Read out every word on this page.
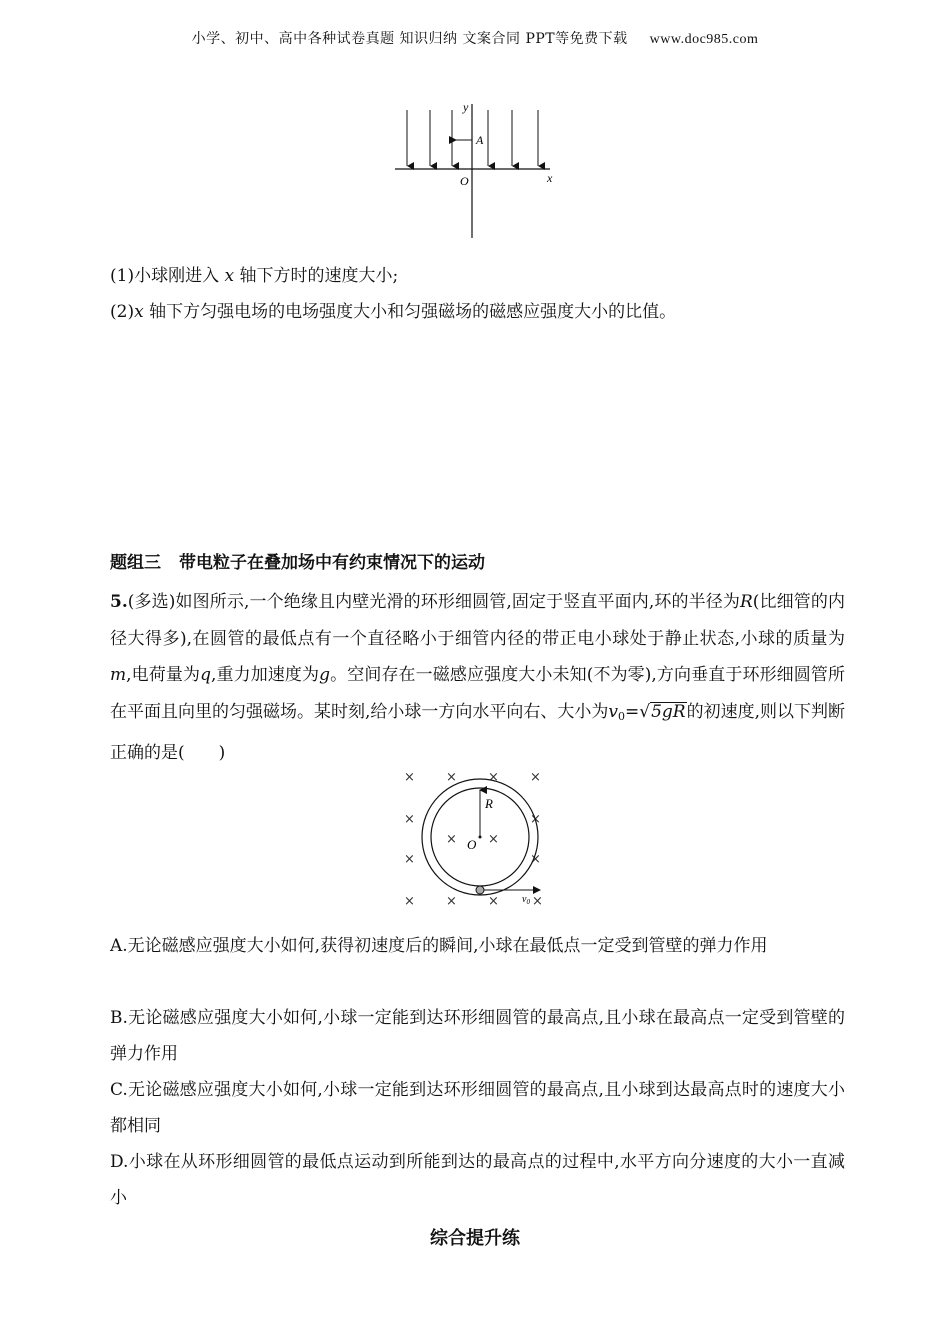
小学、初中、高中各种试卷真题 知识归纳 文案合同 PPT等免费下载 www.doc985.com
y
A
O	x

(1)小球刚进入 x 轴下方时的速度大小;

(2)x 轴下方匀强电场的电场强度大小和匀强磁场的磁感应强度大小的比值。

题组三 带电粒子在叠加场中有约束情况下的运动

5.(多选)如图所示,一个绝缘且内壁光滑的环形细圆管,固定于竖直平面内,环的半径为R(比细管的内径大得多),在圆管的最低点有一个直径略小于细管内径的带正电小球处于静止状态,小球的质量为m,电荷量为q,重力加速度为g。空间存在一磁感应强度大小未知(不为零),方向垂直于环形细圆管所在平面且向里的匀强磁场。某时刻,给小球一方向水平向右、大小为$v_0=√5gR$的初速度,则以下判断正确的是(　　)

× × × ×
×	×
× ×
×	×
× × ×	×
R
O
$v_0$

A.无论磁感应强度大小如何,获得初速度后的瞬间,小球在最低点一定受到管壁的弹力作用

B.无论磁感应强度大小如何,小球一定能到达环形细圆管的最高点,且小球在最高点一定受到管壁的弹力作用

C.无论磁感应强度大小如何,小球一定能到达环形细圆管的最高点,且小球到达最高点时的速度大小都相同

D.小球在从环形细圆管的最低点运动到所能到达的最高点的过程中,水平方向分速度的大小一直减小

综合提升练
